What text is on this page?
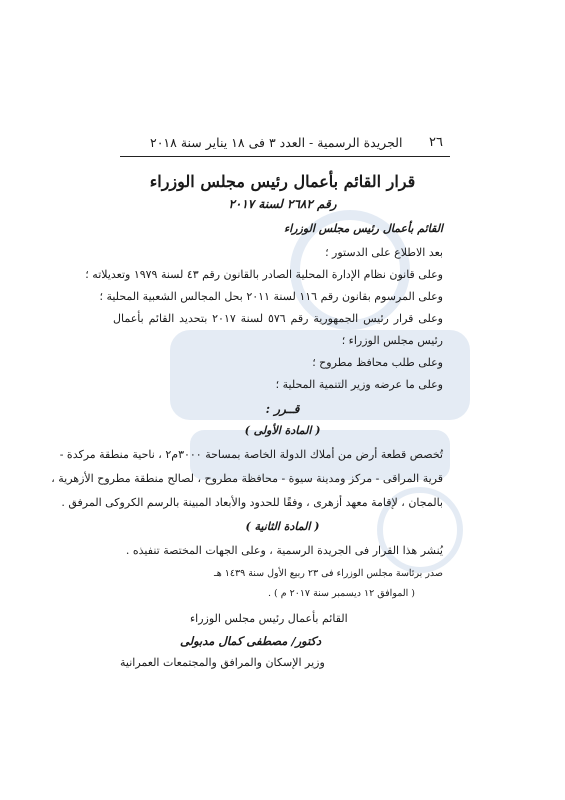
٢٦
الجريدة الرسمية - العدد ٣ فى ١٨ يناير سنة ٢٠١٨
قرار القائم بأعمال رئيس مجلس الوزراء
رقم ٢٦٨٢ لسنة ٢٠١٧
القائم بأعمال رئيس مجلس الوزراء
بعد الاطلاع على الدستور ؛
وعلى قانون نظام الإدارة المحلية الصادر بالقانون رقم ٤٣ لسنة ١٩٧٩ وتعديلاته ؛
وعلى المرسوم بقانون رقم ١١٦ لسنة ٢٠١١ بحل المجالس الشعبية المحلية ؛
وعلى قرار رئيس الجمهورية رقم ٥٧٦ لسنة ٢٠١٧ بتحديد القائم بأعمال
رئيس مجلس الوزراء ؛
وعلى طلب محافظ مطروح ؛
وعلى ما عرضه وزير التنمية المحلية ؛
قــرر :
( المادة الأولى )
تُخصص قطعة أرض من أملاك الدولة الخاصة بمساحة ٣٠٠٠م٢ ، ناحية منطقة مركدة -
قرية المراقى - مركز ومدينة سيوة - محافظة مطروح ، لصالح منطقة مطروح الأزهرية ،
بالمجان ، لإقامة معهد أزهرى ، وفقًا للحدود والأبعاد المبينة بالرسم الكروكى المرفق .
( المادة الثانية )
يُنشر هذا القرار فى الجريدة الرسمية ، وعلى الجهات المختصة تنفيذه .
صدر برئاسة مجلس الوزراء فى ٢٣ ربيع الأول سنة ١٤٣٩ هـ
( الموافق ١٢ ديسمبر سنة ٢٠١٧ م ) .
القائم بأعمال رئيس مجلس الوزراء
دكتور/ مصطفى كمال مدبولى
وزير الإسكان والمرافق والمجتمعات العمرانية
